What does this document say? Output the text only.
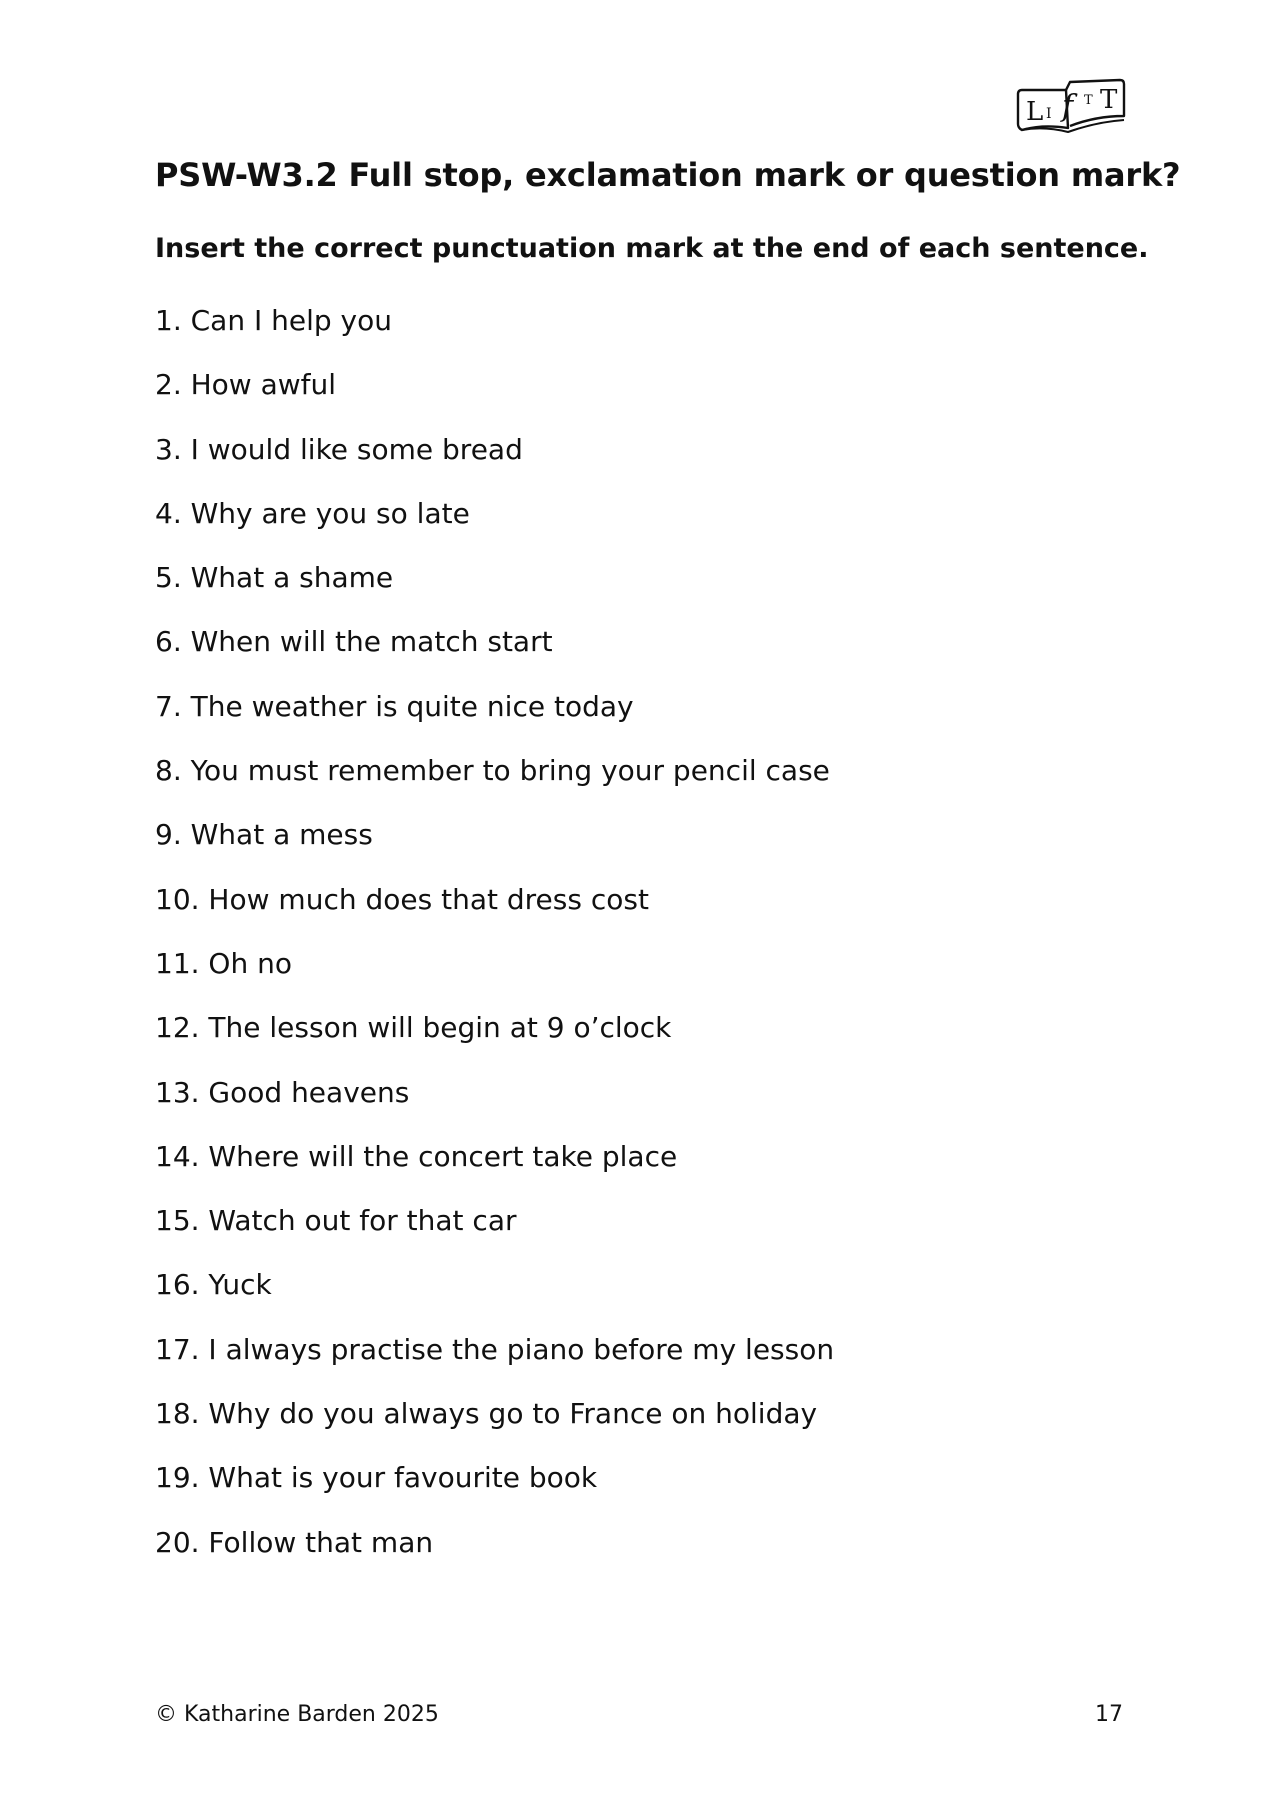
L I f T T
PSW-W3.2 Full stop, exclamation mark or question mark?

Insert the correct punctuation mark at the end of each sentence.

1. Can I help you
2. How awful
3. I would like some bread
4. Why are you so late
5. What a shame
6. When will the match start
7. The weather is quite nice today
8. You must remember to bring your pencil case
9. What a mess
10. How much does that dress cost
11. Oh no
12. The lesson will begin at 9 o’clock
13. Good heavens
14. Where will the concert take place
15. Watch out for that car
16. Yuck
17. I always practise the piano before my lesson
18. Why do you always go to France on holiday
19. What is your favourite book
20. Follow that man
© Katharine Barden 2025	17
